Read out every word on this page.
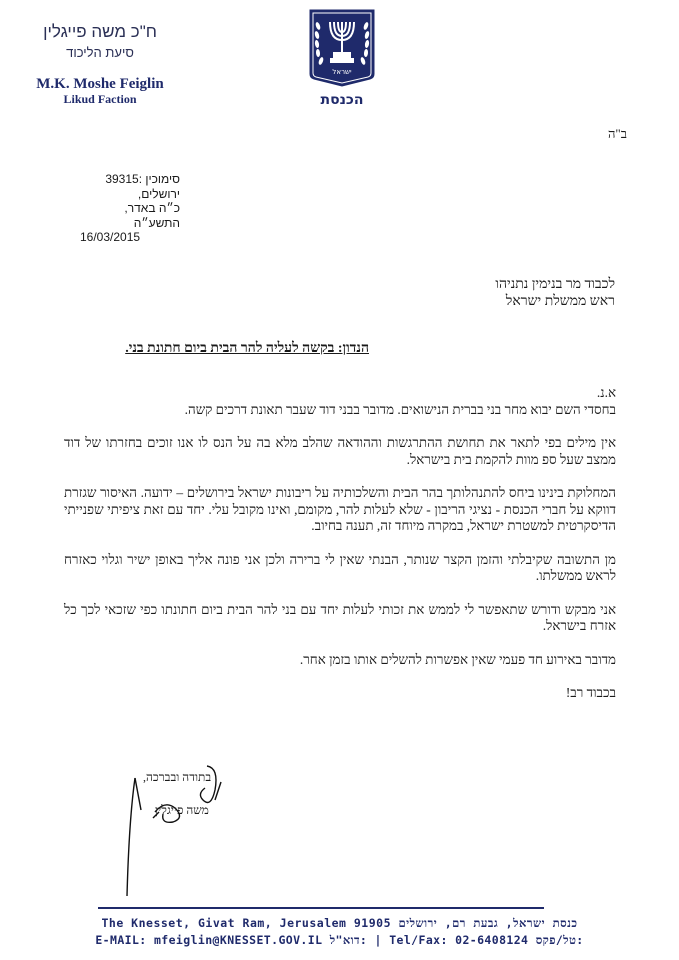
ח"כ משה פייגלין
סיעת הליכוד
M.K. Moshe Feiglin
Likud Faction
ישראל
הכנסת
ב"ה
סימוכין :39315
ירושלים,
כ״ה באדר, התשע״ה
16/03/2015
לכבוד מר בנימין נתניהו
ראש ממשלת ישראל
הנדון: בקשה לעליה להר הבית ביום חתונת בני.

א.נ.

בחסדי השם יבוא מחר בני בברית הנישואים. מדובר בבני דוד שעבר תאונת דרכים קשה.

אין מילים בפי לתאר את תחושת ההתרגשות וההודאה שהלב מלא בה על הנס לו אנו זוכים בחזרתו של דוד ממצב שעל ספ מוות להקמת בית בישראל.

המחלוקת בינינו ביחס להתנהלותך בהר הבית והשלכותיה על ריבונות ישראל בירושלים – ידועה. האיסור שגזרת דווקא על חברי הכנסת - נציגי הריבון - שלא לעלות להר, מקומם, ואינו מקובל עלי. יחד עם זאת ציפיתי שפנייתי הדיסקרטית למשטרת ישראל, במקרה מיוחד זה, תענה בחיוב.

מן התשובה שקיבלתי והזמן הקצר שנותר, הבנתי שאין לי ברירה ולכן אני פונה אליך באופן ישיר וגלוי כאזרח לראש ממשלתו.

אני מבקש ודורש שתאפשר לי לממש את זכותי לעלות יחד עם בני להר הבית ביום חתונתו כפי שזכאי לכך כל אזרח בישראל.

מדובר באירוע חד פעמי שאין אפשרות להשלים אותו בזמן אחר.

בכבוד רב!

בתודה ובברכה,
משה פייגלין
The Knesset, Givat Ram, Jerusalem 91905 כנסת ישראל, גבעת רם, ירושלים
E-MAIL: mfeiglin@KNESSET.GOV.IL :דוא"ל | Tel/Fax: 02-6408124 :טל/פקס
